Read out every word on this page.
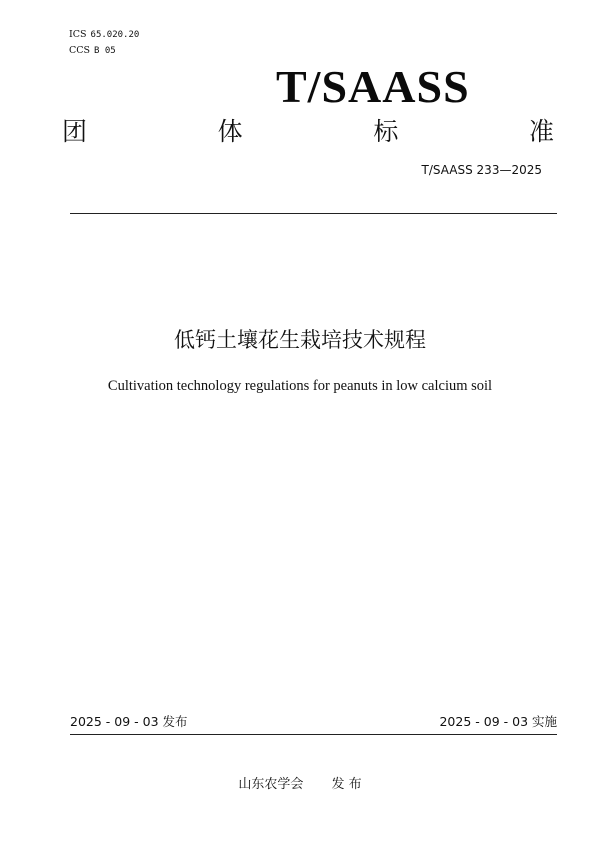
ICS 65.020.20
CCS B 05
T/SAASS
团	体	标	准
T/SAASS 233—2025
低钙土壤花生栽培技术规程
Cultivation technology regulations for peanuts in low calcium soil
2025 - 09 - 03 发布	2025 - 09 - 03 实施
山东农学会 发 布
